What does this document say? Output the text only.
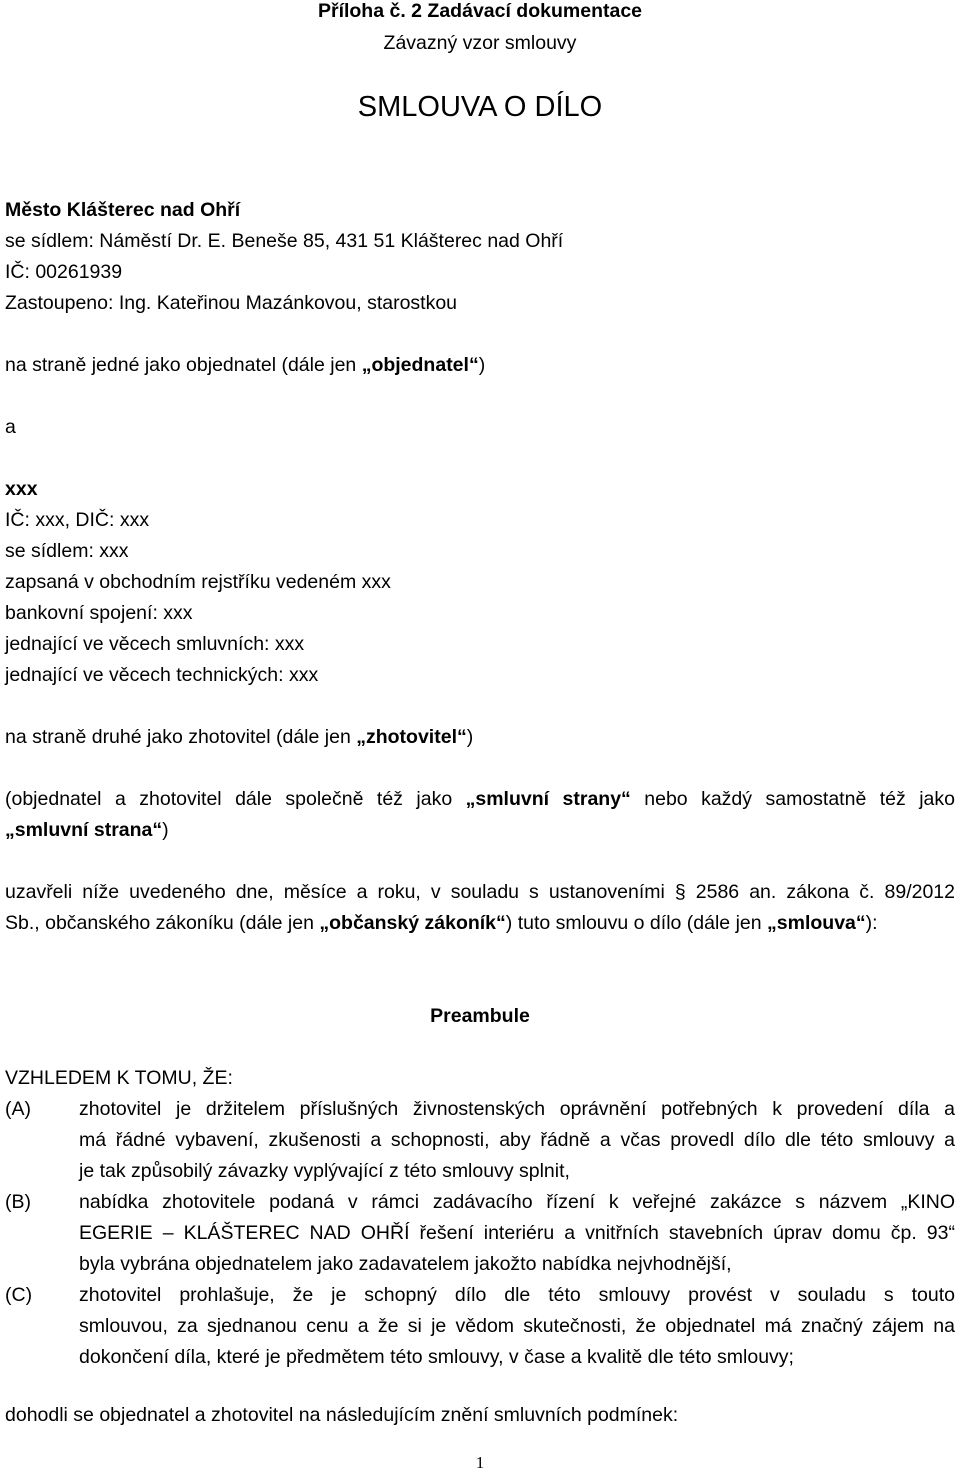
Příloha č. 2 Zadávací dokumentace
Závazný vzor smlouvy
SMLOUVA O DÍLO
Město Klášterec nad Ohří
se sídlem: Náměstí Dr. E. Beneše 85, 431 51 Klášterec nad Ohří
IČ: 00261939
Zastoupeno: Ing. Kateřinou Mazánkovou, starostkou
na straně jedné jako objednatel (dále jen „objednatel“)
a
xxx
IČ: xxx, DIČ: xxx
se sídlem: xxx
zapsaná v obchodním rejstříku vedeném xxx
bankovní spojení: xxx
jednající ve věcech smluvních: xxx
jednající ve věcech technických: xxx
na straně druhé jako zhotovitel (dále jen „zhotovitel“)
(objednatel a zhotovitel dále společně též jako „smluvní strany“ nebo každý samostatně též jako
„smluvní strana“)
uzavřeli níže uvedeného dne, měsíce a roku, v souladu s ustanoveními § 2586 an. zákona č. 89/2012
Sb., občanského zákoníku (dále jen „občanský zákoník“) tuto smlouvu o dílo (dále jen „smlouva“):
Preambule
VZHLEDEM K TOMU, ŽE:
(A) zhotovitel je držitelem příslušných živnostenských oprávnění potřebných k provedení díla a
má řádné vybavení, zkušenosti a schopnosti, aby řádně a včas provedl dílo dle této smlouvy a
je tak způsobilý závazky vyplývající z této smlouvy splnit,
(B) nabídka zhotovitele podaná v rámci zadávacího řízení k veřejné zakázce s názvem „KINO
EGERIE – KLÁŠTEREC NAD OHŘÍ řešení interiéru a vnitřních stavebních úprav domu čp. 93“
byla vybrána objednatelem jako zadavatelem jakožto nabídka nejvhodnější,
(C) zhotovitel prohlašuje, že je schopný dílo dle této smlouvy provést v souladu s touto
smlouvou, za sjednanou cenu a že si je vědom skutečnosti, že objednatel má značný zájem na
dokončení díla, které je předmětem této smlouvy, v čase a kvalitě dle této smlouvy;
dohodli se objednatel a zhotovitel na následujícím znění smluvních podmínek:
1
